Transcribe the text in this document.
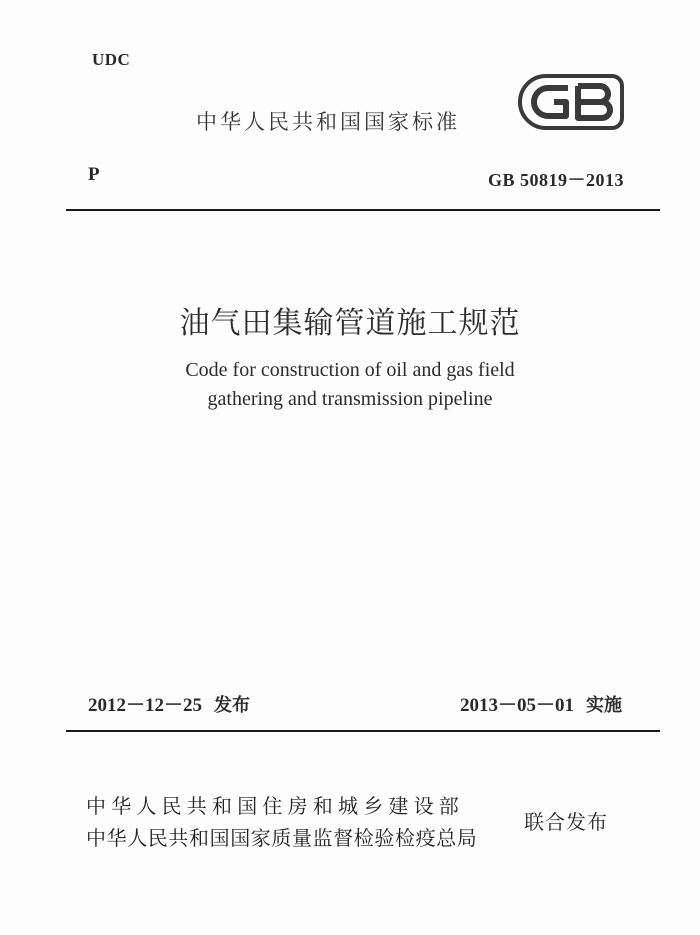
UDC
中华人民共和国国家标准
P	GB 50819－2013
油气田集输管道施工规范
Code for construction of oil and gas field
gathering and transmission pipeline
2012－12－25 发布	2013－05－01 实施
中华人民共和国住房和城乡建设部
中华人民共和国国家质量监督检验检疫总局
联合发布
